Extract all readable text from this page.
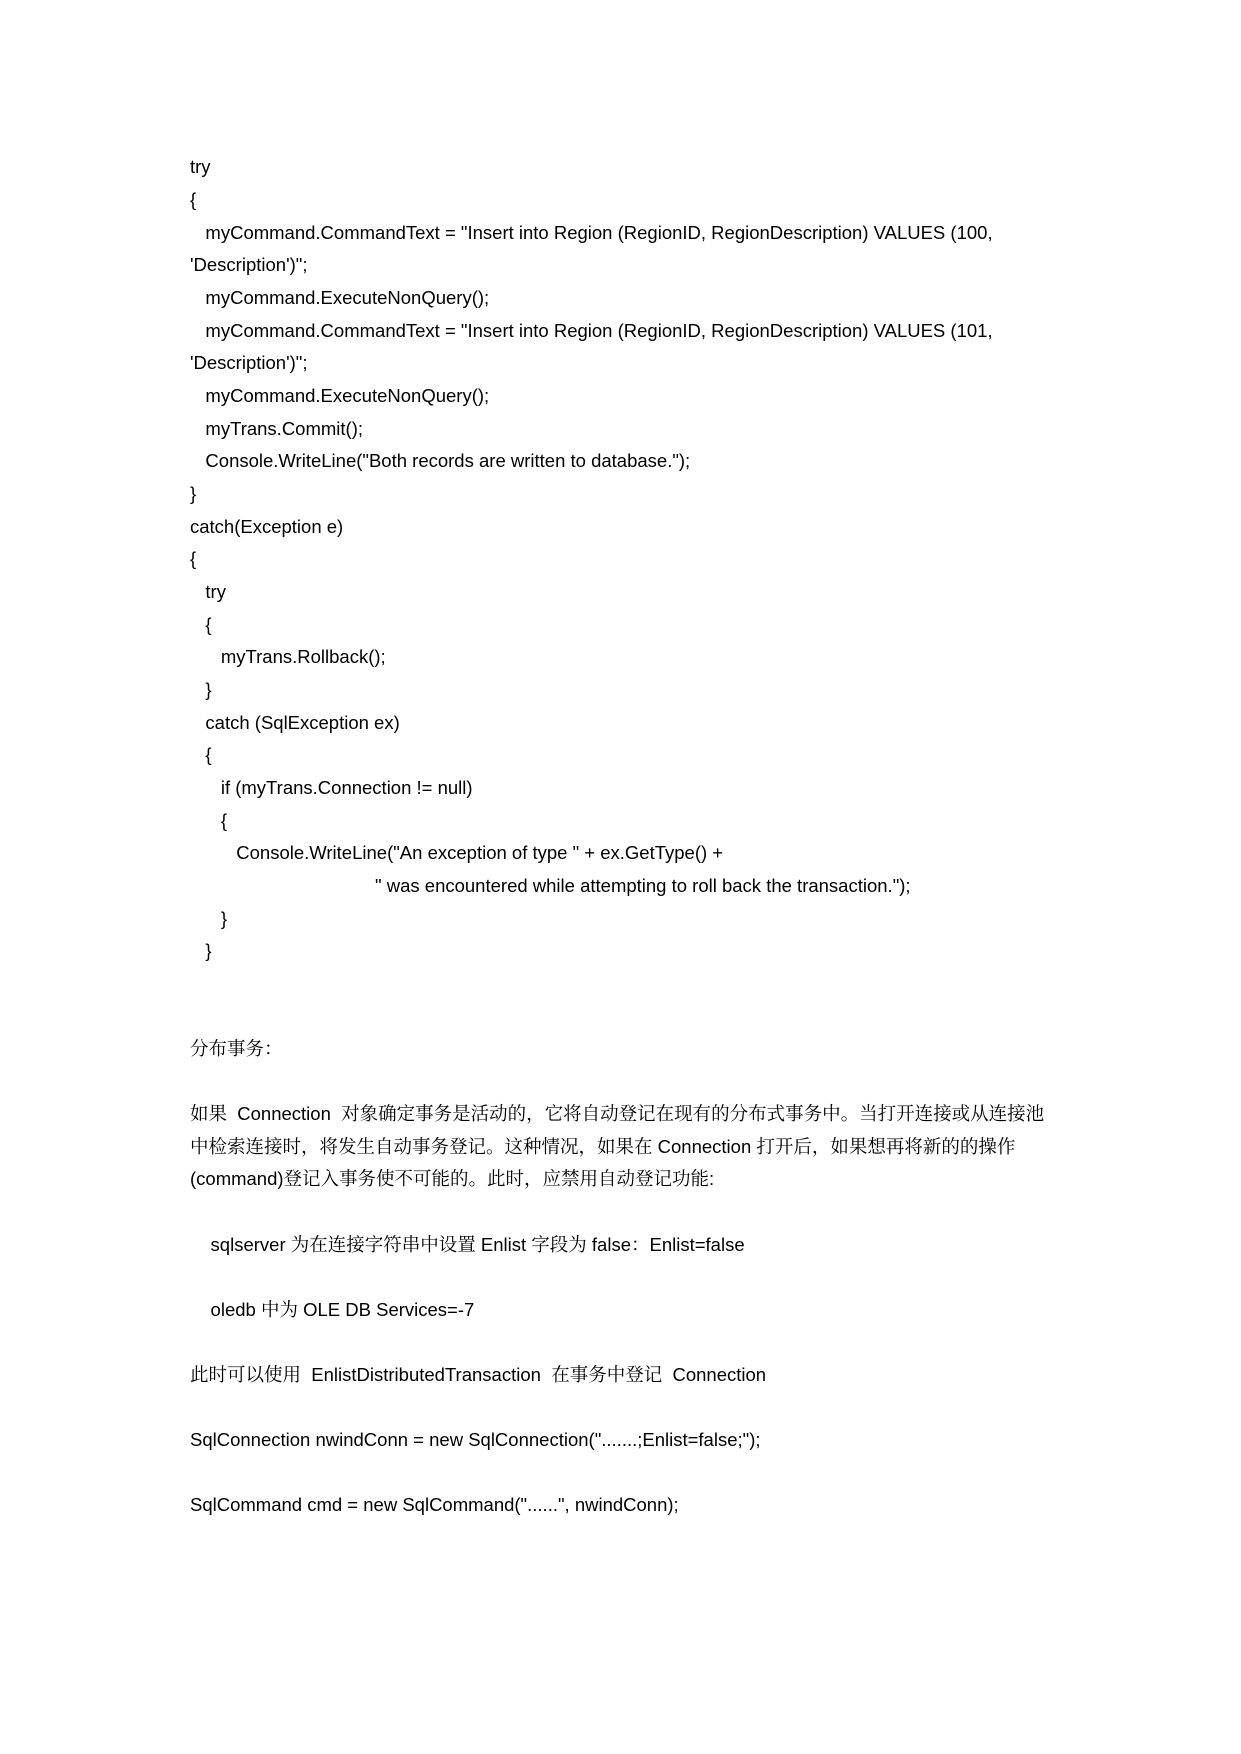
try
{
myCommand.CommandText = "Insert into Region (RegionID, RegionDescription) VALUES (100,
'Description')";
myCommand.ExecuteNonQuery();
myCommand.CommandText = "Insert into Region (RegionID, RegionDescription) VALUES (101,
'Description')";
myCommand.ExecuteNonQuery();
myTrans.Commit();
Console.WriteLine("Both records are written to database.");
}
catch(Exception e)
{
try
{
myTrans.Rollback();
}
catch (SqlException ex)
{
if (myTrans.Connection != null)
{
Console.WriteLine("An exception of type " + ex.GetType() +
" was encountered while attempting to roll back the transaction.");
}
}
分布事务：
如果  Connection  对象确定事务是活动的，它将自动登记在现有的分布式事务中。当打开连接或从连接池
中检索连接时，将发生自动事务登记。这种情况，如果在 Connection 打开后，如果想再将新的的操作
(command)登记入事务使不可能的。此时，应禁用自动登记功能:
sqlserver 为在连接字符串中设置 Enlist 字段为 false：Enlist=false
oledb 中为 OLE DB Services=-7
此时可以使用  EnlistDistributedTransaction  在事务中登记  Connection
SqlConnection nwindConn = new SqlConnection(".......;Enlist=false;");
SqlCommand cmd = new SqlCommand("......", nwindConn);
